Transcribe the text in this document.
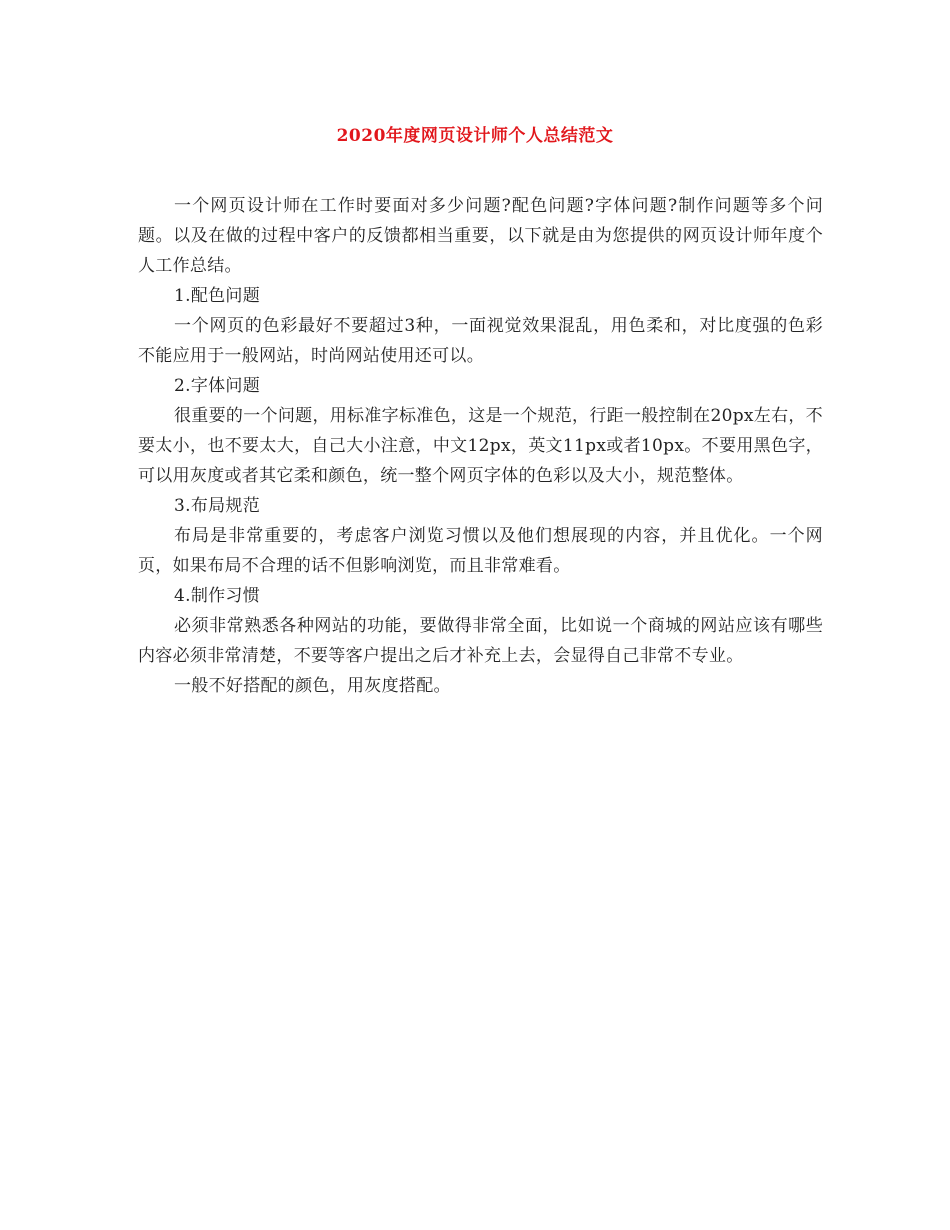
2020年度网页设计师个人总结范文

一个网页设计师在工作时要面对多少问题?配色问题?字体问题?制作问题等多个问题。以及在做的过程中客户的反馈都相当重要，以下就是由为您提供的网页设计师年度个人工作总结。

1.配色问题

一个网页的色彩最好不要超过3种，一面视觉效果混乱，用色柔和，对比度强的色彩不能应用于一般网站，时尚网站使用还可以。

2.字体问题

很重要的一个问题，用标准字标准色，这是一个规范，行距一般控制在20px左右，不要太小，也不要太大，自己大小注意，中文12px，英文11px或者10px。不要用黑色字，可以用灰度或者其它柔和颜色，统一整个网页字体的色彩以及大小，规范整体。

3.布局规范

布局是非常重要的，考虑客户浏览习惯以及他们想展现的内容，并且优化。一个网页，如果布局不合理的话不但影响浏览，而且非常难看。

4.制作习惯

必须非常熟悉各种网站的功能，要做得非常全面，比如说一个商城的网站应该有哪些内容必须非常清楚，不要等客户提出之后才补充上去，会显得自己非常不专业。

一般不好搭配的颜色，用灰度搭配。
